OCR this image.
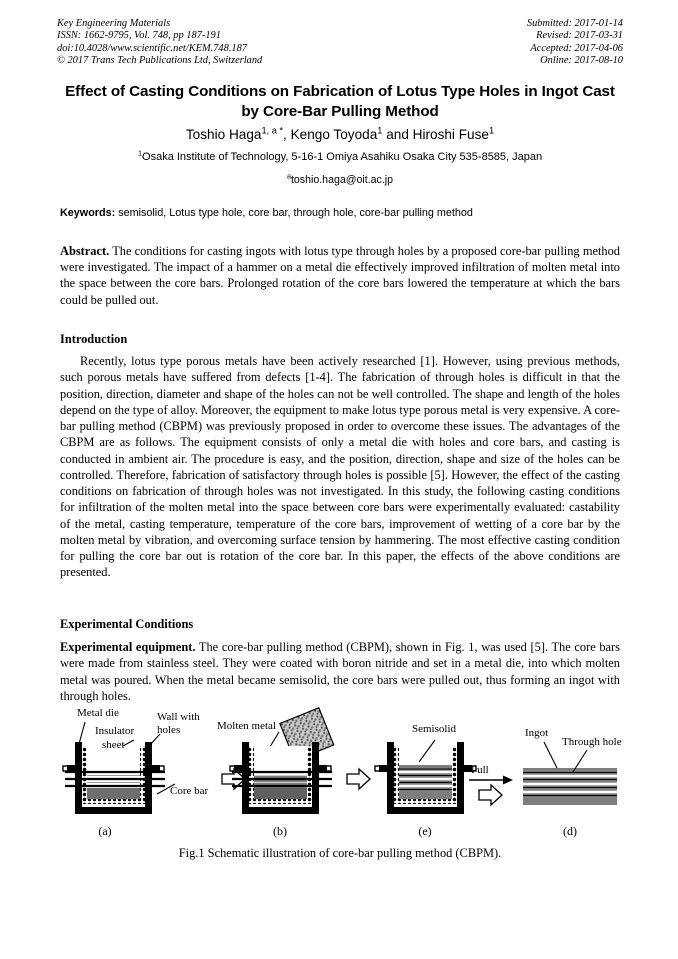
Key Engineering Materials
ISSN: 1662-9795, Vol. 748, pp 187-191
doi:10.4028/www.scientific.net/KEM.748.187
© 2017 Trans Tech Publications Ltd, Switzerland
Submitted: 2017-01-14
Revised: 2017-03-31
Accepted: 2017-04-06
Online: 2017-08-10
Effect of Casting Conditions on Fabrication of Lotus Type Holes in Ingot Cast by Core-Bar Pulling Method
Toshio Haga$^{1, a *}$, Kengo Toyoda$^1$ and Hiroshi Fuse$^1$
$^1$Osaka Institute of Technology, 5-16-1 Omiya Asahiku Osaka City 535-8585, Japan
$^a$toshio.haga@oit.ac.jp
Keywords: semisolid, Lotus type hole, core bar, through hole, core-bar pulling method
Abstract. The conditions for casting ingots with lotus type through holes by a proposed core-bar pulling method were investigated. The impact of a hammer on a metal die effectively improved infiltration of molten metal into the space between the core bars. Prolonged rotation of the core bars lowered the temperature at which the bars could be pulled out.
Introduction
Recently, lotus type porous metals have been actively researched [1]. However, using previous methods, such porous metals have suffered from defects [1-4]. The fabrication of through holes is difficult in that the position, direction, diameter and shape of the holes can not be well controlled. The shape and length of the holes depend on the type of alloy. Moreover, the equipment to make lotus type porous metal is very expensive. A core-bar pulling method (CBPM) was previously proposed in order to overcome these issues. The advantages of the CBPM are as follows. The equipment consists of only a metal die with holes and core bars, and casting is conducted in ambient air. The procedure is easy, and the position, direction, shape and size of the holes can be controlled. Therefore, fabrication of satisfactory through holes is possible [5]. However, the effect of the casting conditions on fabrication of through holes was not investigated. In this study, the following casting conditions for infiltration of the molten metal into the space between core bars were experimentally evaluated: castability of the metal, casting temperature, temperature of the core bars, improvement of wetting of a core bar by the molten metal by vibration, and overcoming surface tension by hammering. The most effective casting condition for pulling the core bar out is rotation of the core bar. In this paper, the effects of the above conditions are presented.
Experimental Conditions
Experimental equipment. The core-bar pulling method (CBPM), shown in Fig. 1, was used [5]. The core bars were made from stainless steel. They were coated with boron nitride and set in a metal die, into which molten metal was poured. When the metal became semisolid, the core bars were pulled out, thus forming an ingot with through holes.
Metal die
Insulator
sheet
Wall with
holes
Core bar
(a)
Molten metal
(b)
Semisolid
(e)
Pull
Ingot
Through hole
(d)
Fig.1 Schematic illustration of core-bar pulling method (CBPM).
